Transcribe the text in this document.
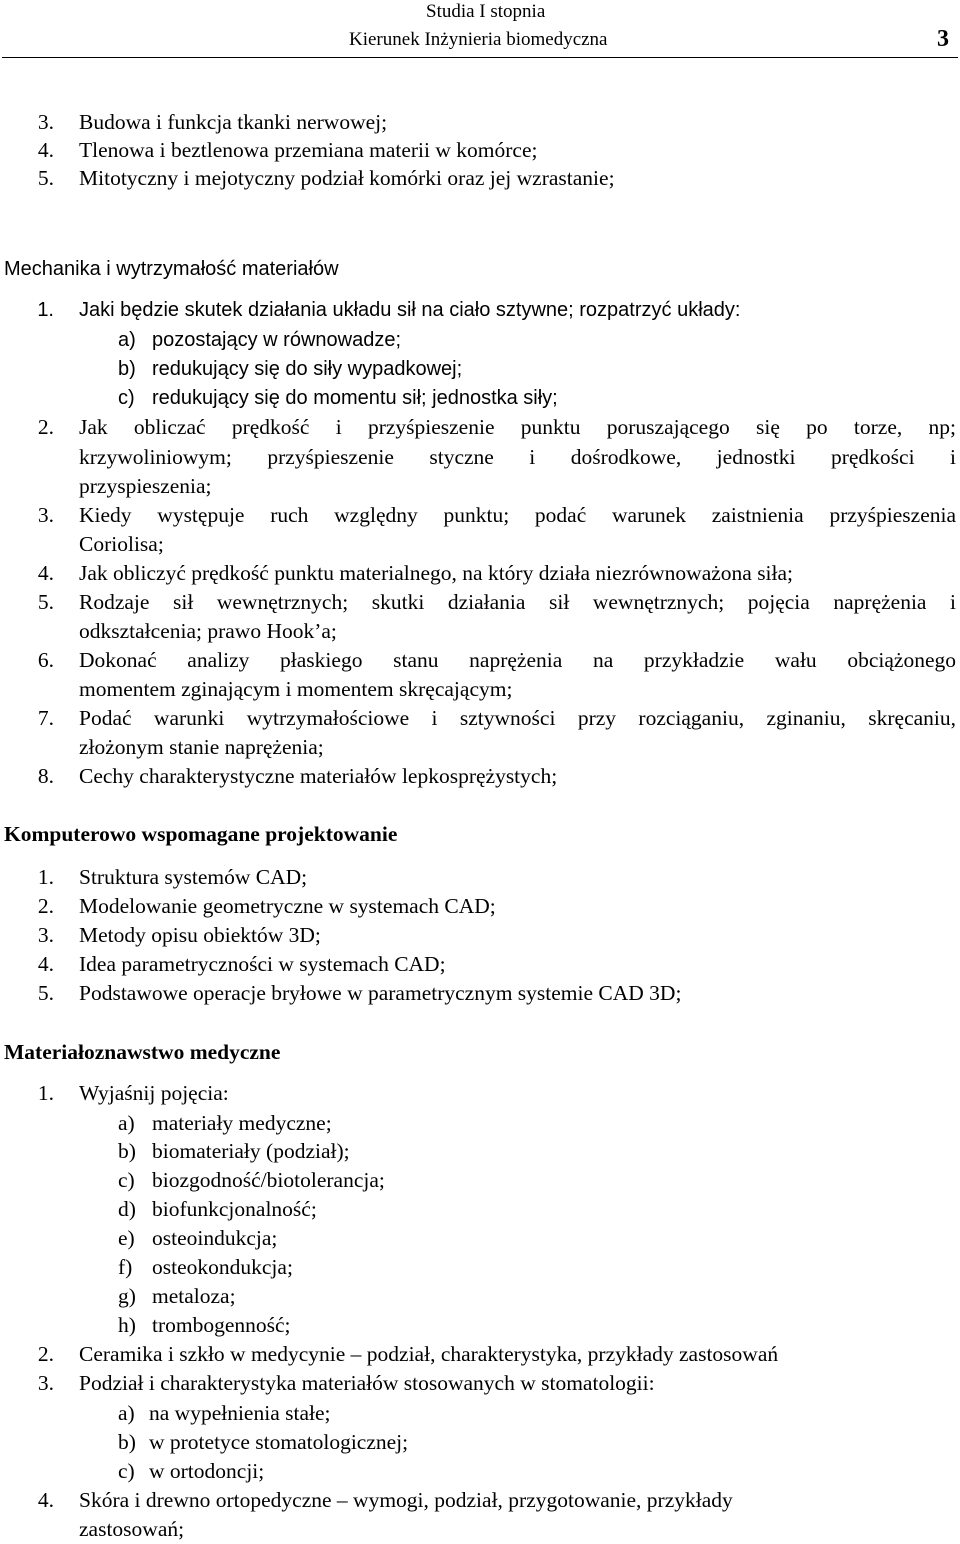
Studia I stopnia
Kierunek Inżynieria biomedyczna	3
3. Budowa i funkcja tkanki nerwowej;
4. Tlenowa i beztlenowa przemiana materii w komórce;
5. Mitotyczny i mejotyczny podział komórki oraz jej wzrastanie;
Mechanika i wytrzymałość materiałów
1. Jaki będzie skutek działania układu sił na ciało sztywne; rozpatrzyć układy:
a) pozostający w równowadze;
b) redukujący się do siły wypadkowej;
c) redukujący się do momentu sił; jednostka siły;
2. Jak obliczać prędkość i przyśpieszenie punktu poruszającego się po torze, np;
krzywoliniowym; przyśpieszenie styczne i dośrodkowe, jednostki prędkości i
przyspieszenia;
3. Kiedy występuje ruch względny punktu; podać warunek zaistnienia przyśpieszenia
Coriolisa;
4. Jak obliczyć prędkość punktu materialnego, na który działa niezrównoważona siła;
5. Rodzaje sił wewnętrznych; skutki działania sił wewnętrznych; pojęcia naprężenia i
odkształcenia; prawo Hook’a;
6. Dokonać analizy płaskiego stanu naprężenia na przykładzie wału obciążonego
momentem zginającym i momentem skręcającym;
7. Podać warunki wytrzymałościowe i sztywności przy rozciąganiu, zginaniu, skręcaniu,
złożonym stanie naprężenia;
8. Cechy charakterystyczne materiałów lepkosprężystych;
Komputerowo wspomagane projektowanie
1. Struktura systemów CAD;
2. Modelowanie geometryczne w systemach CAD;
3. Metody opisu obiektów 3D;
4. Idea parametryczności w systemach CAD;
5. Podstawowe operacje bryłowe w parametrycznym systemie CAD 3D;
Materiałoznawstwo medyczne
1. Wyjaśnij pojęcia:
a) materiały medyczne;
b) biomateriały (podział);
c) biozgodność/biotolerancja;
d) biofunkcjonalność;
e) osteoindukcja;
f) osteokondukcja;
g) metaloza;
h) trombogenność;
2. Ceramika i szkło w medycynie – podział, charakterystyka, przykłady zastosowań
3. Podział i charakterystyka materiałów stosowanych w stomatologii:
a) na wypełnienia stałe;
b) w protetyce stomatologicznej;
c) w ortodoncji;
4. Skóra i drewno ortopedyczne – wymogi, podział, przygotowanie, przykłady
zastosowań;
